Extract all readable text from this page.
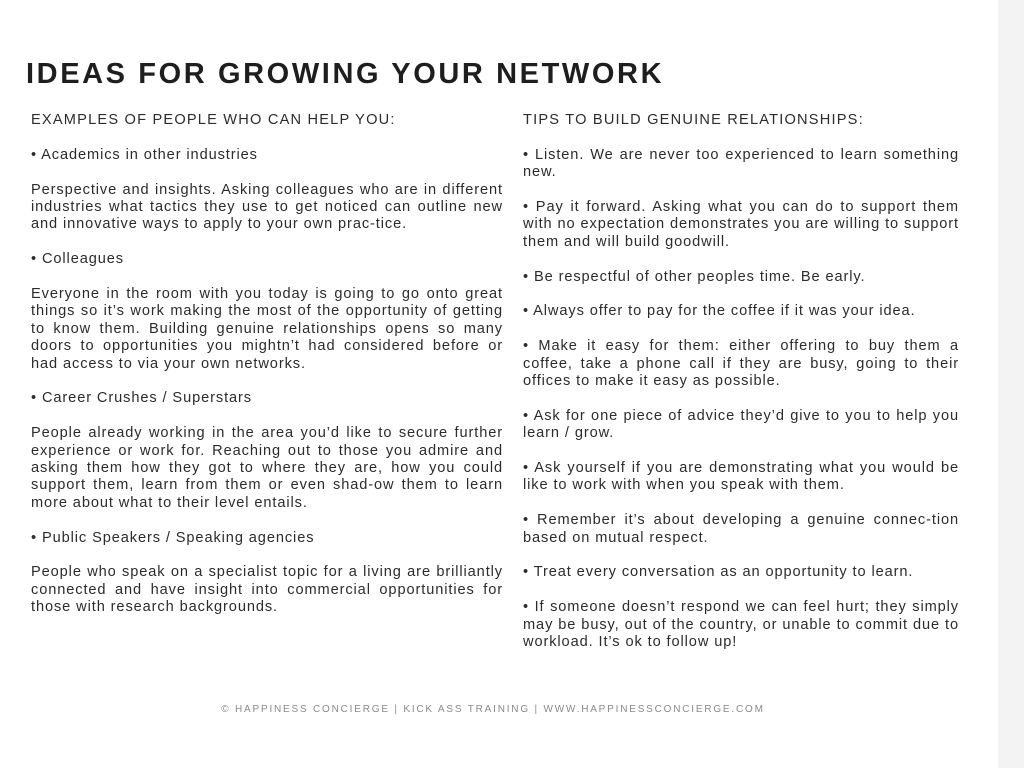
IDEAS FOR GROWING YOUR NETWORK
EXAMPLES OF PEOPLE WHO CAN HELP YOU:
• Academics in other industries
Perspective and insights. Asking colleagues who are in different industries what tactics they use to get noticed can outline new and innovative ways to apply to your own prac-tice.
• Colleagues
Everyone in the room with you today is going to go onto great things so it’s work making the most of the opportunity of getting to know them. Building genuine relationships opens so many doors to opportunities you mightn’t had considered before or had access to via your own networks.
• Career Crushes / Superstars
People already working in the area you’d like to secure further experience or work for. Reaching out to those you admire and asking them how they got to where they are, how you could support them, learn from them or even shad-ow them to learn more about what to their level entails.
• Public Speakers / Speaking agencies
People who speak on a specialist topic for a living are brilliantly connected and have insight into commercial opportunities for those with research backgrounds.
TIPS TO BUILD GENUINE RELATIONSHIPS:
• Listen. We are never too experienced to learn something new.
• Pay it forward. Asking what you can do to support them with no expectation demonstrates you are willing to support them and will build goodwill.
• Be respectful of other peoples time. Be early.
• Always offer to pay for the coffee if it was your idea.
• Make it easy for them: either offering to buy them a coffee, take a phone call if they are busy, going to their offices to make it easy as possible.
• Ask for one piece of advice they’d give to you to help you learn / grow.
• Ask yourself if you are demonstrating what you would be like to work with when you speak with them.
• Remember it’s about developing a genuine connec-tion based on mutual respect.
• Treat every conversation as an opportunity to learn.
• If someone doesn’t respond we can feel hurt; they simply may be busy, out of the country, or unable to commit due to workload. It’s ok to follow up!
© HAPPINESS CONCIERGE | KICK ASS TRAINING | WWW.HAPPINESSCONCIERGE.COM
